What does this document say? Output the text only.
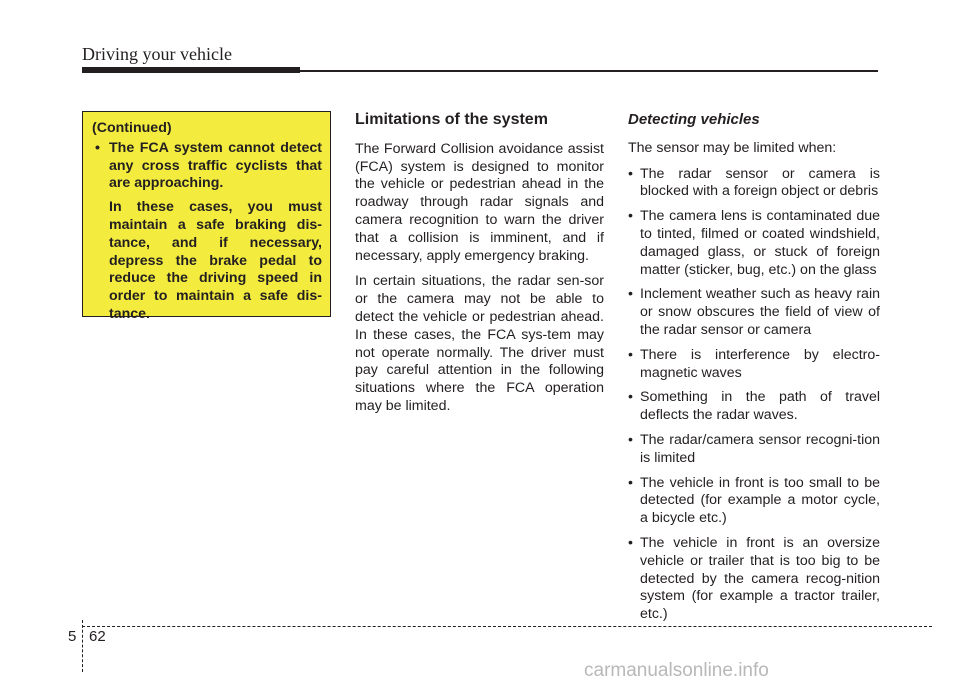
Driving your vehicle
(Continued)
• The FCA system cannot detect any cross traffic cyclists that are approaching.
In these cases, you must maintain a safe braking dis-tance, and if necessary, depress the brake pedal to reduce the driving speed in order to maintain a safe dis-tance.
Limitations of the system

The Forward Collision avoidance assist (FCA) system is designed to monitor the vehicle or pedestrian ahead in the roadway through radar signals and camera recognition to warn the driver that a collision is imminent, and if necessary, apply emergency braking.

In certain situations, the radar sen-sor or the camera may not be able to detect the vehicle or pedestrian ahead. In these cases, the FCA sys-tem may not operate normally. The driver must pay careful attention in the following situations where the FCA operation may be limited.

Detecting vehicles

The sensor may be limited when:

• The radar sensor or camera is blocked with a foreign object or debris
• The camera lens is contaminated due to tinted, filmed or coated windshield, damaged glass, or stuck of foreign matter (sticker, bug, etc.) on the glass
• Inclement weather such as heavy rain or snow obscures the field of view of the radar sensor or camera
• There is interference by electro-magnetic waves
• Something in the path of travel deflects the radar waves.
• The radar/camera sensor recogni-tion is limited
• The vehicle in front is too small to be detected (for example a motor cycle, a bicycle etc.)
• The vehicle in front is an oversize vehicle or trailer that is too big to be detected by the camera recog-nition system (for example a tractor trailer, etc.)
5 62
carmanualsonline.info
